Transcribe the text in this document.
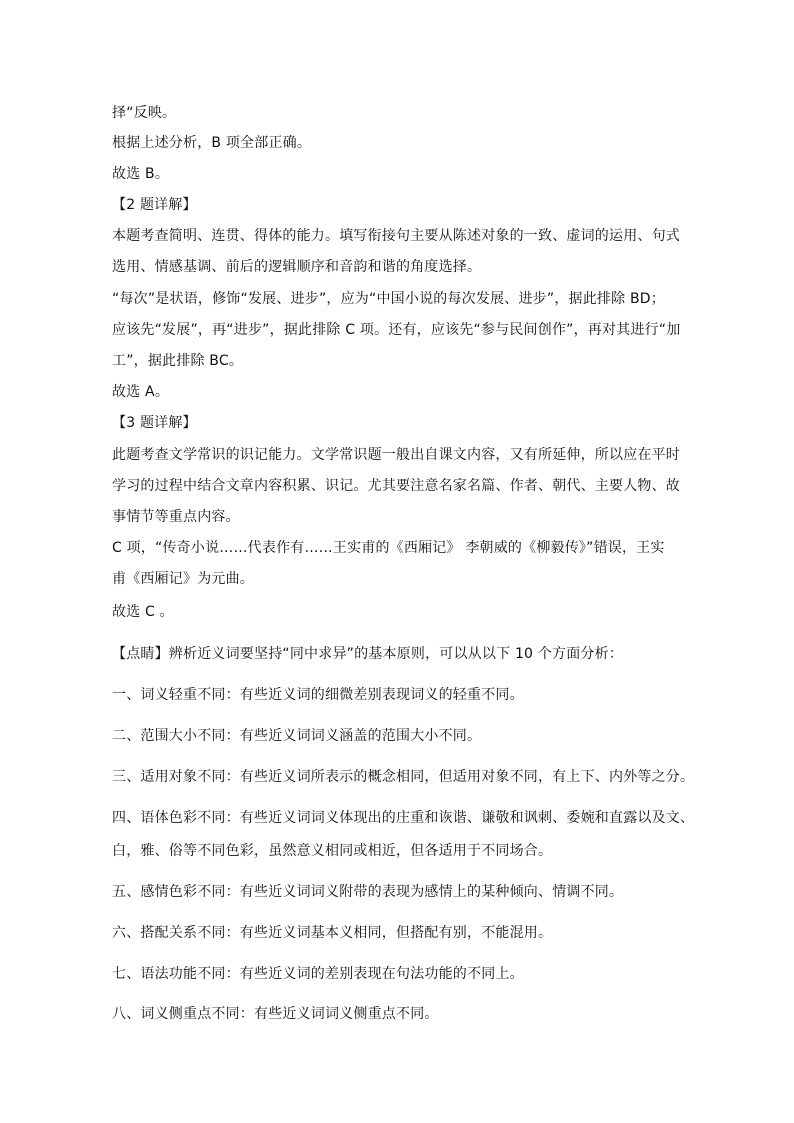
择“反映。
根据上述分析，B 项全部正确。
故选 B。
【2 题详解】
本题考查简明、连贯、得体的能力。填写衔接句主要从陈述对象的一致、虚词的运用、句式
选用、情感基调、前后的逻辑顺序和音韵和谐的角度选择。
“每次”是状语，修饰“发展、进步”，应为“中国小说的每次发展、进步”，据此排除 BD；
应该先“发展”，再“进步”，据此排除 C 项。还有，应该先“参与民间创作”，再对其进行“加
工”，据此排除 BC。
故选 A。
【3 题详解】
此题考查文学常识的识记能力。文学常识题一般出自课文内容，又有所延伸，所以应在平时
学习的过程中结合文章内容积累、识记。尤其要注意名家名篇、作者、朝代、主要人物、故
事情节等重点内容。
C 项，“传奇小说……代表作有……王实甫的《西厢记》 李朝威的《柳毅传》”错误，王实
甫《西厢记》为元曲。
故选 C 。
【点睛】辨析近义词要坚持“同中求异”的基本原则，可以从以下 10 个方面分析：
一、词义轻重不同：有些近义词的细微差别表现词义的轻重不同。
二、范围大小不同：有些近义词词义涵盖的范围大小不同。
三、适用对象不同：有些近义词所表示的概念相同，但适用对象不同，有上下、内外等之分。
四、语体色彩不同：有些近义词词义体现出的庄重和诙谐、谦敬和讽刺、委婉和直露以及文、
白，雅、俗等不同色彩，虽然意义相同或相近，但各适用于不同场合。
五、感情色彩不同：有些近义词词义附带的表现为感情上的某种倾向、情调不同。
六、搭配关系不同：有些近义词基本义相同，但搭配有别，不能混用。
七、语法功能不同：有些近义词的差别表现在句法功能的不同上。
八、词义侧重点不同：有些近义词词义侧重点不同。
